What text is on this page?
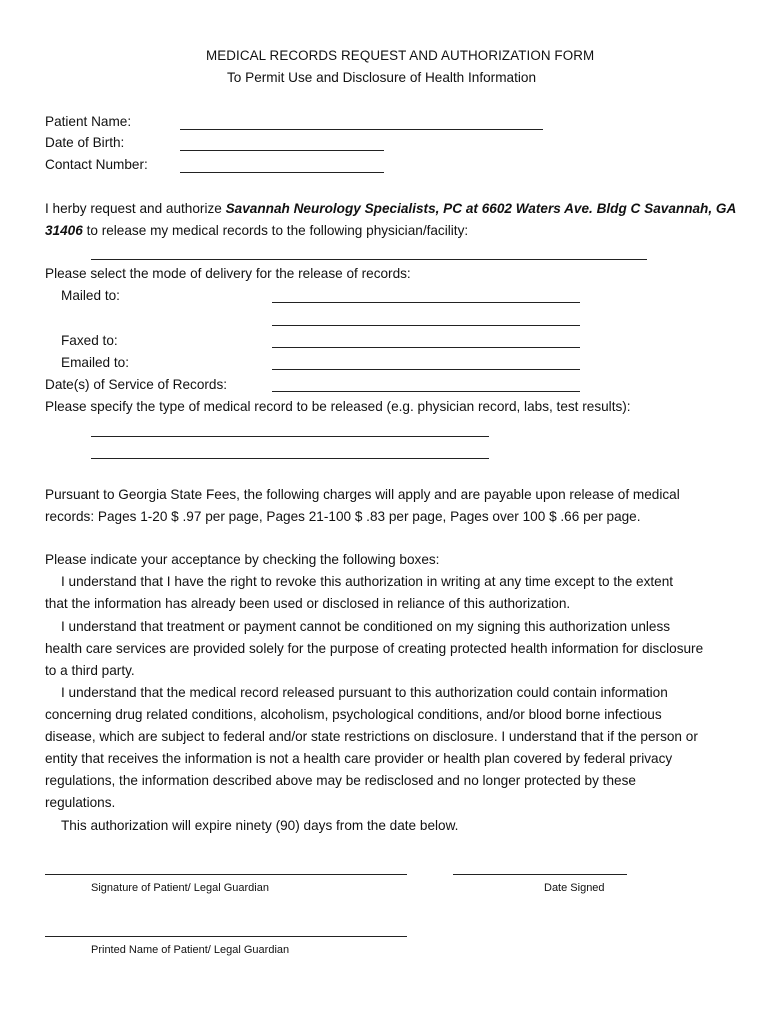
MEDICAL RECORDS REQUEST AND AUTHORIZATION FORM
To Permit Use and Disclosure of Health Information
Patient Name:
Date of Birth:
Contact Number:
I herby request and authorize Savannah Neurology Specialists, PC at 6602 Waters Ave. Bldg C Savannah, GA
31406 to release my medical records to the following physician/facility:
Please select the mode of delivery for the release of records:
Mailed to:
Faxed to:
Emailed to:
Date(s) of Service of Records:
Please specify the type of medical record to be released (e.g. physician record, labs, test results):
Pursuant to Georgia State Fees, the following charges will apply and are payable upon release of medical
records: Pages 1-20 $ .97 per page, Pages 21-100 $ .83 per page, Pages over 100 $ .66 per page.
Please indicate your acceptance by checking the following boxes:
I understand that I have the right to revoke this authorization in writing at any time except to the extent
that the information has already been used or disclosed in reliance of this authorization.
I understand that treatment or payment cannot be conditioned on my signing this authorization unless
health care services are provided solely for the purpose of creating protected health information for disclosure
to a third party.
I understand that the medical record released pursuant to this authorization could contain information
concerning drug related conditions, alcoholism, psychological conditions, and/or blood borne infectious
disease, which are subject to federal and/or state restrictions on disclosure. I understand that if the person or
entity that receives the information is not a health care provider or health plan covered by federal privacy
regulations, the information described above may be redisclosed and no longer protected by these
regulations.
This authorization will expire ninety (90) days from the date below.
Signature of Patient/ Legal Guardian	Date Signed
Printed Name of Patient/ Legal Guardian
